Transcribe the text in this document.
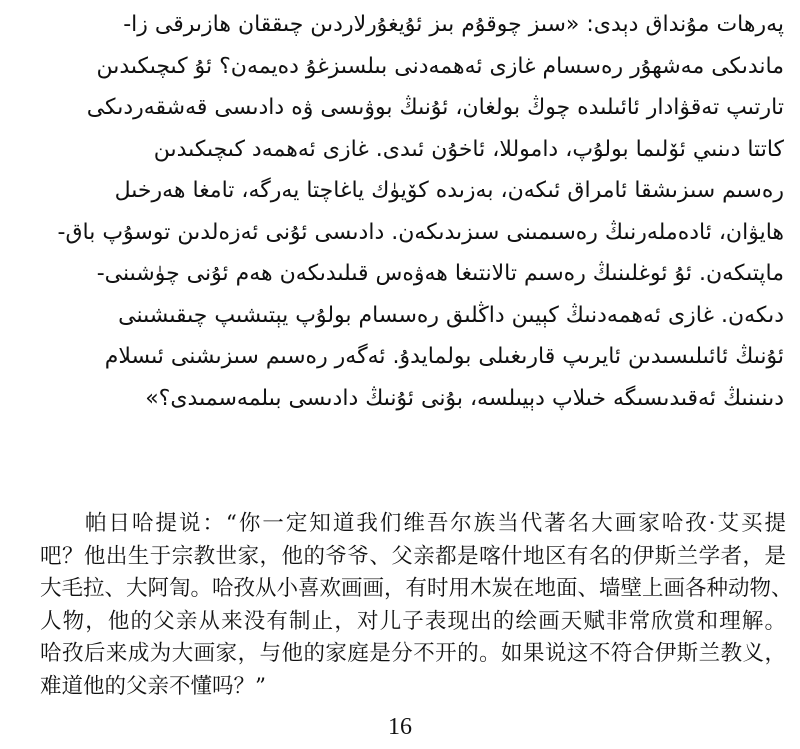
پەرھات مۇنداق دېدى: «سىز چوقۇم بىز ئۇيغۇرلاردىن چىققان ھازىرقى زا-
ماندىكى مەشھۇر رەسسام غازى ئەھمەدنى بىلسىزغۇ دەيمەن؟ ئۇ كىچىكىدىن
تارتىپ تەقۋادار ئائىلىدە چوڭ بولغان، ئۇنىڭ بوۋىسى ۋە دادىسى قەشقەردىكى
كاتتا دىنىي ئۆلىما بولۇپ، داموللا، ئاخۇن ئىدى. غازى ئەھمەد كىچىكىدىن
رەسىم سىزىشقا ئامراق ئىكەن، بەزىدە كۆيۈك ياغاچتا يەرگە، تامغا ھەرخىل
ھايۋان، ئادەملەرنىڭ رەسىمىنى سىزىدىكەن. دادىسى ئۇنى ئەزەلدىن توسۇپ باق-
ماپتىكەن. ئۇ ئوغلىنىڭ رەسىم تالانتىغا ھەۋەس قىلىدىكەن ھەم ئۇنى چۈشىنى-
دىكەن. غازى ئەھمەدنىڭ كېيىن داڭلىق رەسسام بولۇپ يېتىشىپ چىقىشىنى
ئۇنىڭ ئائىلىسىدىن ئايرىپ قارىغىلى بولمايدۇ. ئەگەر رەسىم سىزىشنى ئىسلام
دىنىنىڭ ئەقىدىسىگە خىلاپ دېيىلسە، بۇنى ئۇنىڭ دادىسى بىلمەسمىدى؟»
帕日哈提说：“你一定知道我们维吾尔族当代著名大画家哈孜·艾买提
吧？他出生于宗教世家，他的爷爷、父亲都是喀什地区有名的伊斯兰学者，是
大毛拉、大阿訇。哈孜从小喜欢画画，有时用木炭在地面、墙壁上画各种动物、
人物，他的父亲从来没有制止，对儿子表现出的绘画天赋非常欣赏和理解。
哈孜后来成为大画家，与他的家庭是分不开的。如果说这不符合伊斯兰教义，
难道他的父亲不懂吗？”
16
